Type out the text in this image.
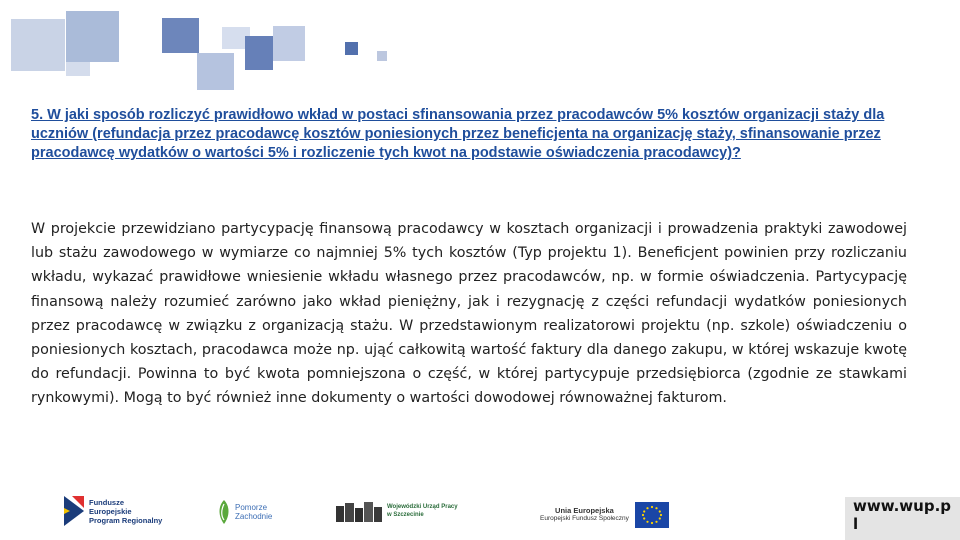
5. W jaki sposób rozliczyć prawidłowo wkład w postaci sfinansowania przez pracodawców 5% kosztów organizacji staży dla uczniów (refundacja przez pracodawcę kosztów poniesionych przez beneficjenta na organizację staży, sfinansowanie przez pracodawcę wydatków o wartości 5% i rozliczenie tych kwot na podstawie oświadczenia pracodawcy)?

W projekcie przewidziano partycypację finansową pracodawcy w kosztach organizacji i prowadzenia praktyki zawodowej lub stażu zawodowego w wymiarze co najmniej 5% tych kosztów (Typ projektu 1). Beneficjent powinien przy rozliczaniu wkładu, wykazać prawidłowe wniesienie wkładu własnego przez pracodawców, np. w formie oświadczenia. Partycypację finansową należy rozumieć zarówno jako wkład pieniężny, jak i rezygnację z części refundacji wydatków poniesionych przez pracodawcę w związku z organizacją stażu. W przedstawionym realizatorowi projektu (np. szkole) oświadczeniu o poniesionych kosztach, pracodawca może np. ująć całkowitą wartość faktury dla danego zakupu, w której wskazuje kwotę do refundacji. Powinna to być kwota pomniejszona o część, w której partycypuje przedsiębiorca (zgodnie ze stawkami rynkowymi). Mogą to być również inne dokumenty o wartości dowodowej równoważnej fakturom.

Fundusze
Europejskie
Program Regionalny
Pomorze
Zachodnie
Wojewódzki Urząd Pracy
w Szczecinie	Unia Europejska
Europejski Fundusz Społeczny
www.wup.p
l
